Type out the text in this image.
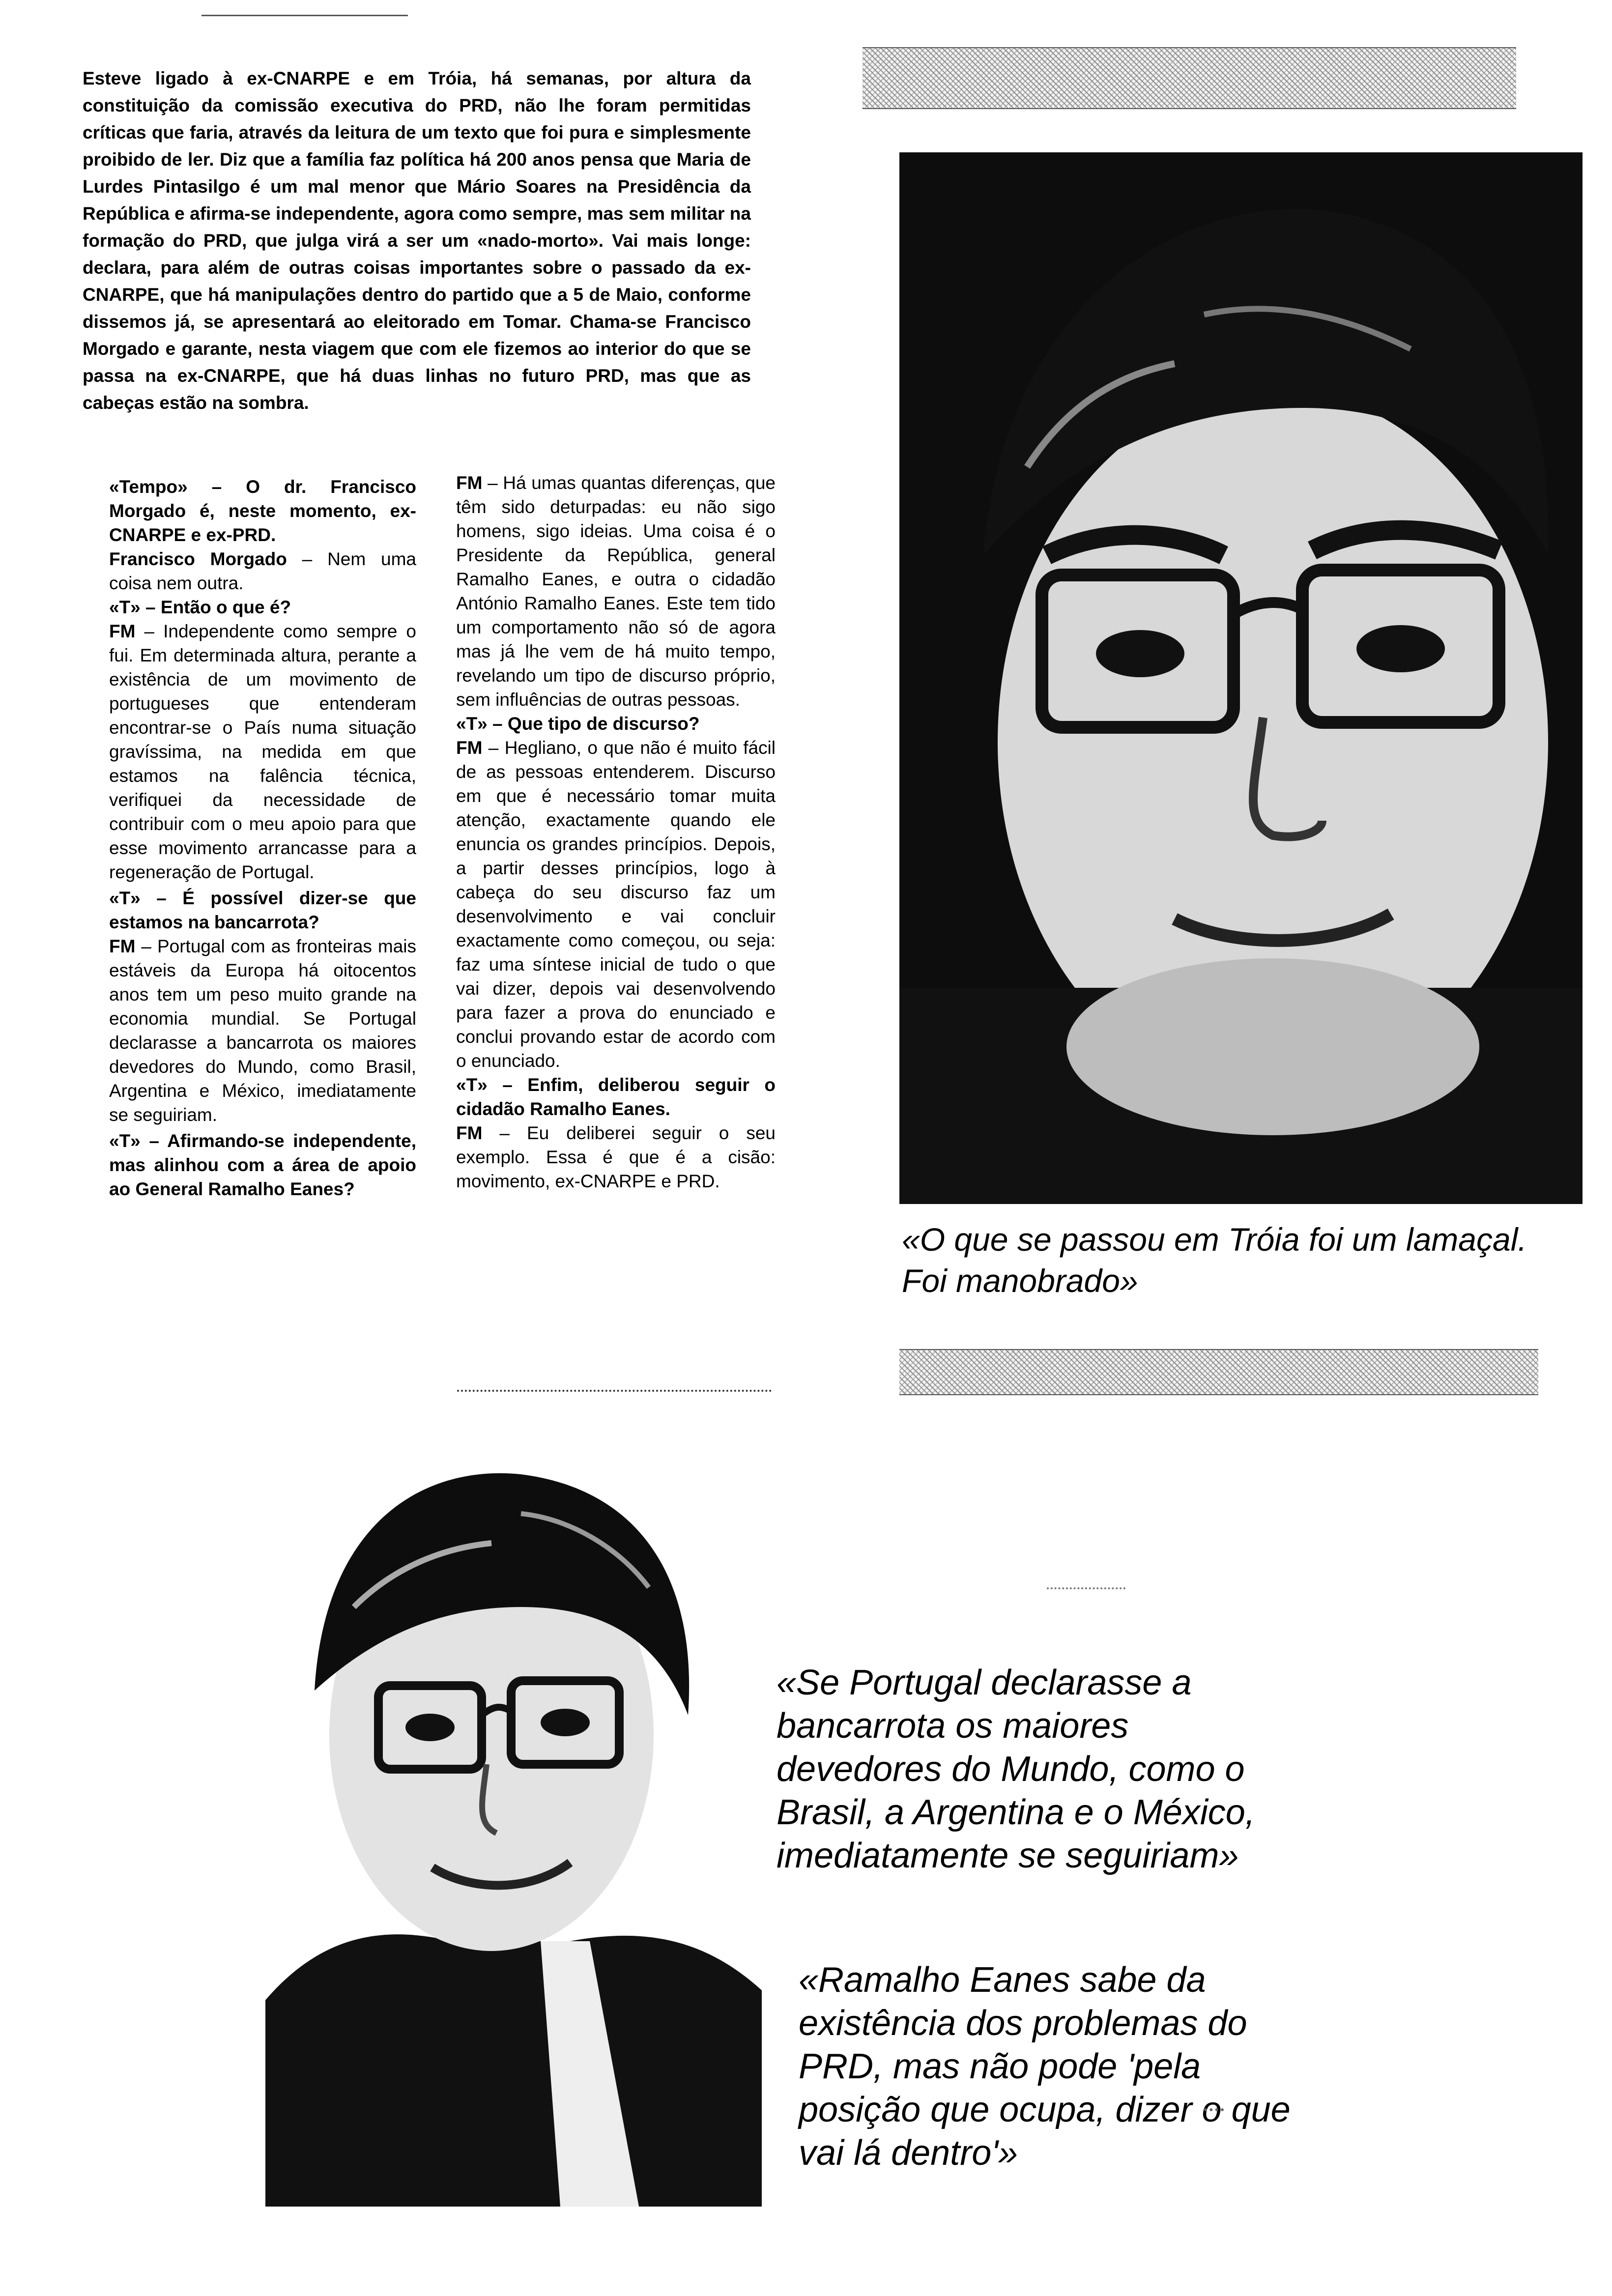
Esteve ligado à ex-CNARPE e em Tróia, há semanas, por altura da constituição da comissão executiva do PRD, não lhe foram permitidas críticas que faria, através da leitura de um texto que foi pura e simplesmente proibido de ler. Diz que a família faz política há 200 anos pensa que Maria de Lurdes Pintasilgo é um mal menor que Mário Soares na Presidência da República e afirma-se independente, agora como sempre, mas sem militar na formação do PRD, que julga virá a ser um «nado-morto». Vai mais longe: declara, para além de outras coisas importantes sobre o passado da ex-CNARPE, que há manipulações dentro do partido que a 5 de Maio, conforme dissemos já, se apresentará ao eleitorado em Tomar. Chama-se Francisco Morgado e garante, nesta viagem que com ele fizemos ao interior do que se passa na ex-CNARPE, que há duas linhas no futuro PRD, mas que as cabeças estão na sombra.

«Tempo» – O dr. Francisco Morgado é, neste momento, ex-CNARPE e ex-PRD.

Francisco Morgado – Nem uma coisa nem outra.

«T» – Então o que é?

FM – Independente como sempre o fui. Em determinada altura, perante a existência de um movimento de portugueses que entenderam encontrar-se o País numa situação gravíssima, na medida em que estamos na falência técnica, verifiquei da necessidade de contribuir com o meu apoio para que esse movimento arrancasse para a regeneração de Portugal.

«T» – É possível dizer-se que estamos na bancarrota?

FM – Portugal com as fronteiras mais estáveis da Europa há oitocentos anos tem um peso muito grande na economia mundial. Se Portugal declarasse a bancarrota os maiores devedores do Mundo, como Brasil, Argentina e México, imediatamente se seguiriam.

«T» – Afirmando-se independente, mas alinhou com a área de apoio ao General Ramalho Eanes?

FM – Há umas quantas diferenças, que têm sido deturpadas: eu não sigo homens, sigo ideias. Uma coisa é o Presidente da República, general Ramalho Eanes, e outra o cidadão António Ramalho Eanes. Este tem tido um comportamento não só de agora mas já lhe vem de há muito tempo, revelando um tipo de discurso próprio, sem influências de outras pessoas.

«T» – Que tipo de discurso?

FM – Hegliano, o que não é muito fácil de as pessoas entenderem. Discurso em que é necessário tomar muita atenção, exactamente quando ele enuncia os grandes princípios. Depois, a partir desses princípios, logo à cabeça do seu discurso faz um desenvolvimento e vai concluir exactamente como começou, ou seja: faz uma síntese inicial de tudo o que vai dizer, depois vai desenvolvendo para fazer a prova do enunciado e conclui provando estar de acordo com o enunciado.

«T» – Enfim, deliberou seguir o cidadão Ramalho Eanes.

FM – Eu deliberei seguir o seu exemplo. Essa é que é a cisão: movimento, ex-CNARPE e PRD.

«O que se passou em Tróia foi um lamaçal. Foi manobrado»
«Se Portugal declarasse a bancarrota os maiores devedores do Mundo, como o Brasil, a Argentina e o México, imediatamente se seguiriam»
«Ramalho Eanes sabe da existência dos problemas do PRD, mas não pode 'pela posição que ocupa, dizer o que vai lá dentro'»
